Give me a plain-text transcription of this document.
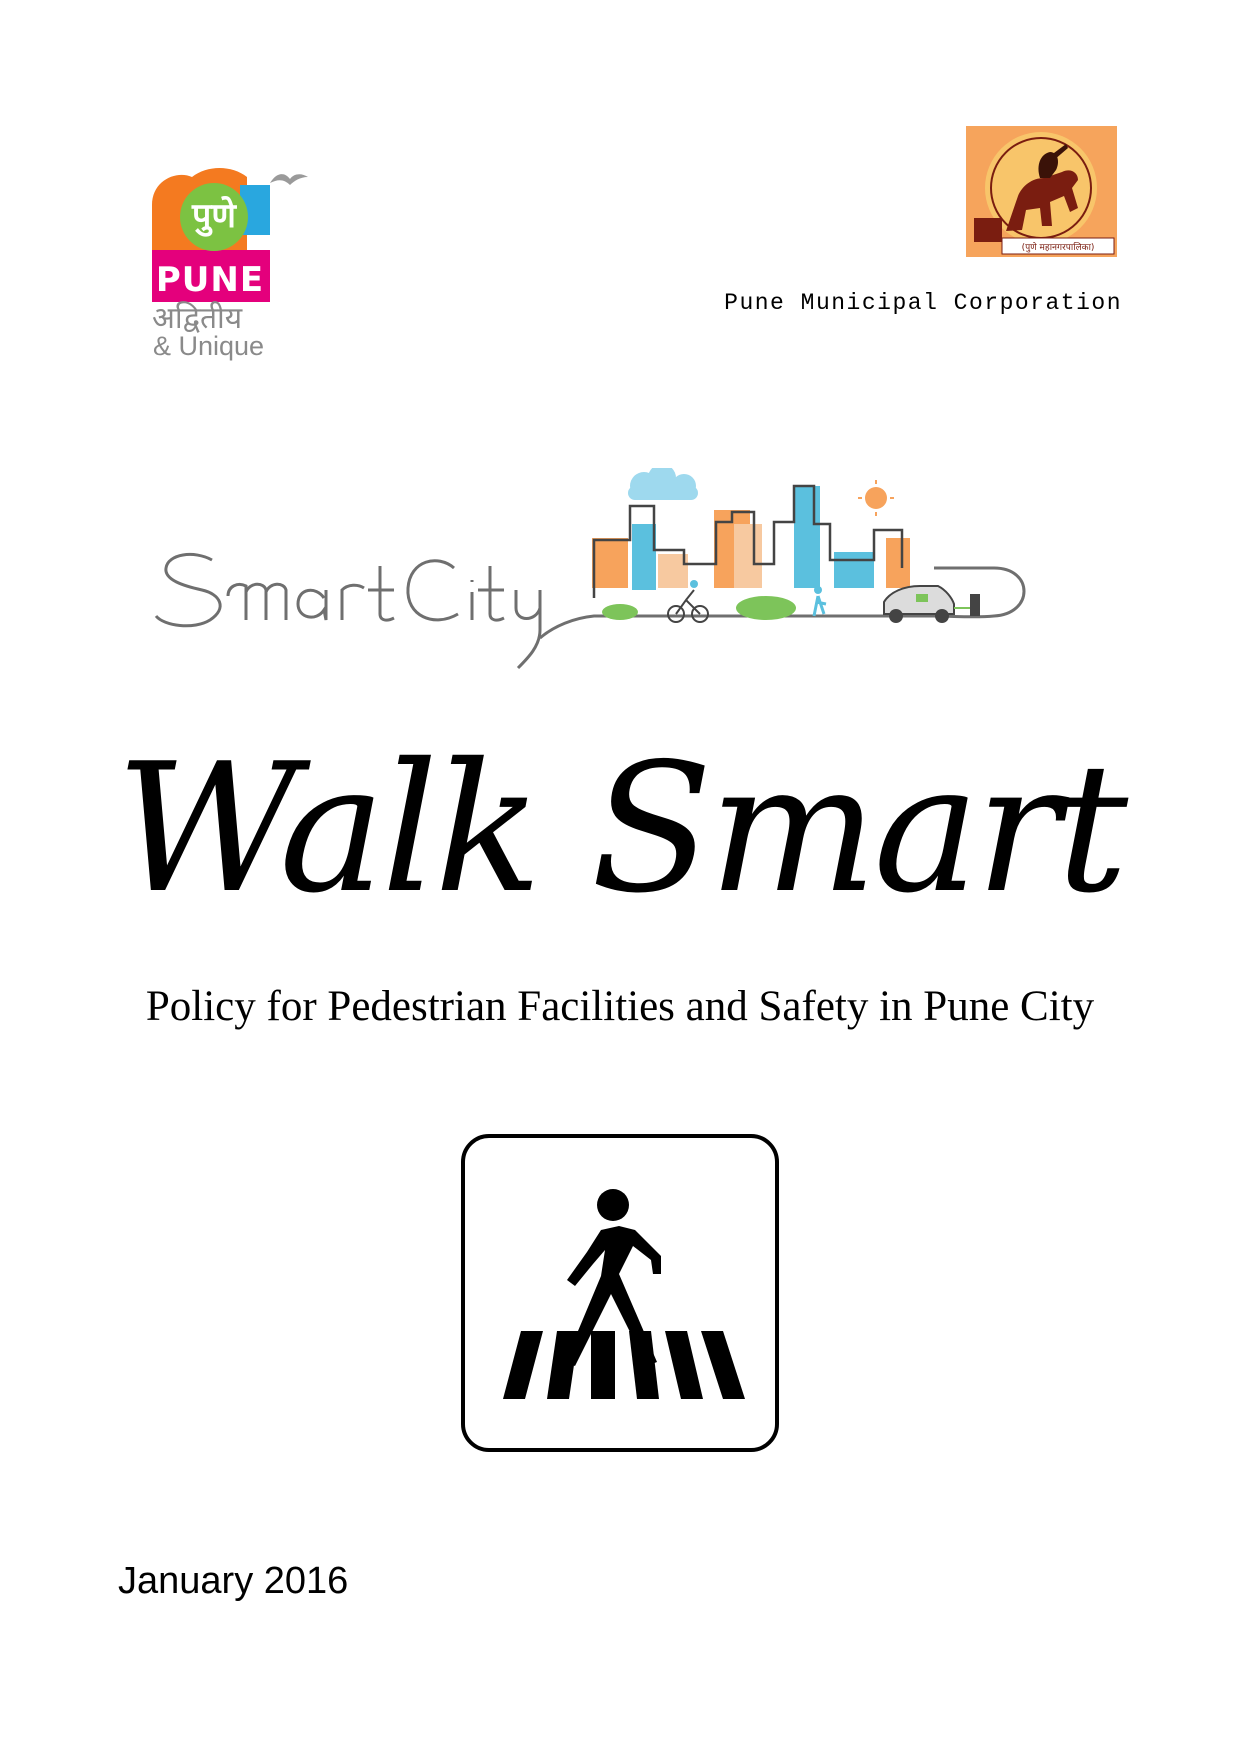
पुणे
PUNE
अद्वितीय
& Unique
(पुणे महानगरपालिका)
Pune Municipal Corporation
Walk Smart
Policy for Pedestrian Facilities and Safety in Pune City
January 2016
